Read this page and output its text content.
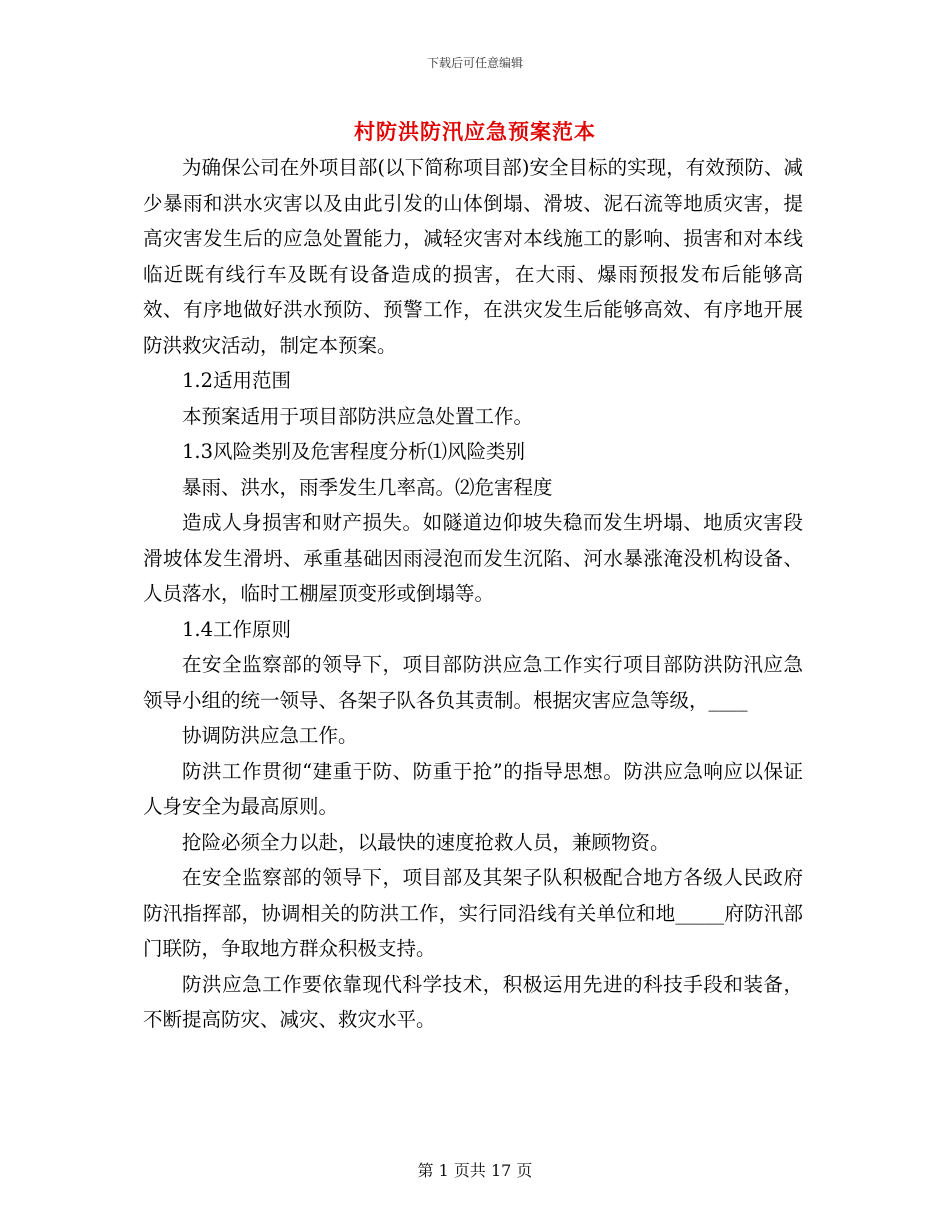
下载后可任意编辑
村防洪防汛应急预案范本

为确保公司在外项目部(以下简称项目部)安全目标的实现，有效预防、减少暴雨和洪水灾害以及由此引发的山体倒塌、滑坡、泥石流等地质灾害，提高灾害发生后的应急处置能力，减轻灾害对本线施工的影响、损害和对本线临近既有线行车及既有设备造成的损害，在大雨、爆雨预报发布后能够高效、有序地做好洪水预防、预警工作，在洪灾发生后能够高效、有序地开展防洪救灾活动，制定本预案。

1.2适用范围

本预案适用于项目部防洪应急处置工作。

1.3风险类别及危害程度分析⑴风险类别

暴雨、洪水，雨季发生几率高。⑵危害程度

造成人身损害和财产损失。如隧道边仰坡失稳而发生坍塌、地质灾害段滑坡体发生滑坍、承重基础因雨浸泡而发生沉陷、河水暴涨淹没机构设备、人员落水，临时工棚屋顶变形或倒塌等。

1.4工作原则

在安全监察部的领导下，项目部防洪应急工作实行项目部防洪防汛应急领导小组的统一领导、各架子队各负其责制。根据灾害应急等级，____

协调防洪应急工作。

防洪工作贯彻“建重于防、防重于抢”的指导思想。防洪应急响应以保证人身安全为最高原则。

抢险必须全力以赴，以最快的速度抢救人员，兼顾物资。

在安全监察部的领导下，项目部及其架子队积极配合地方各级人民政府防汛指挥部，协调相关的防洪工作，实行同沿线有关单位和地_____府防汛部门联防，争取地方群众积极支持。

防洪应急工作要依靠现代科学技术，积极运用先进的科技手段和装备，不断提高防灾、减灾、救灾水平。

第 1 页共 17 页
